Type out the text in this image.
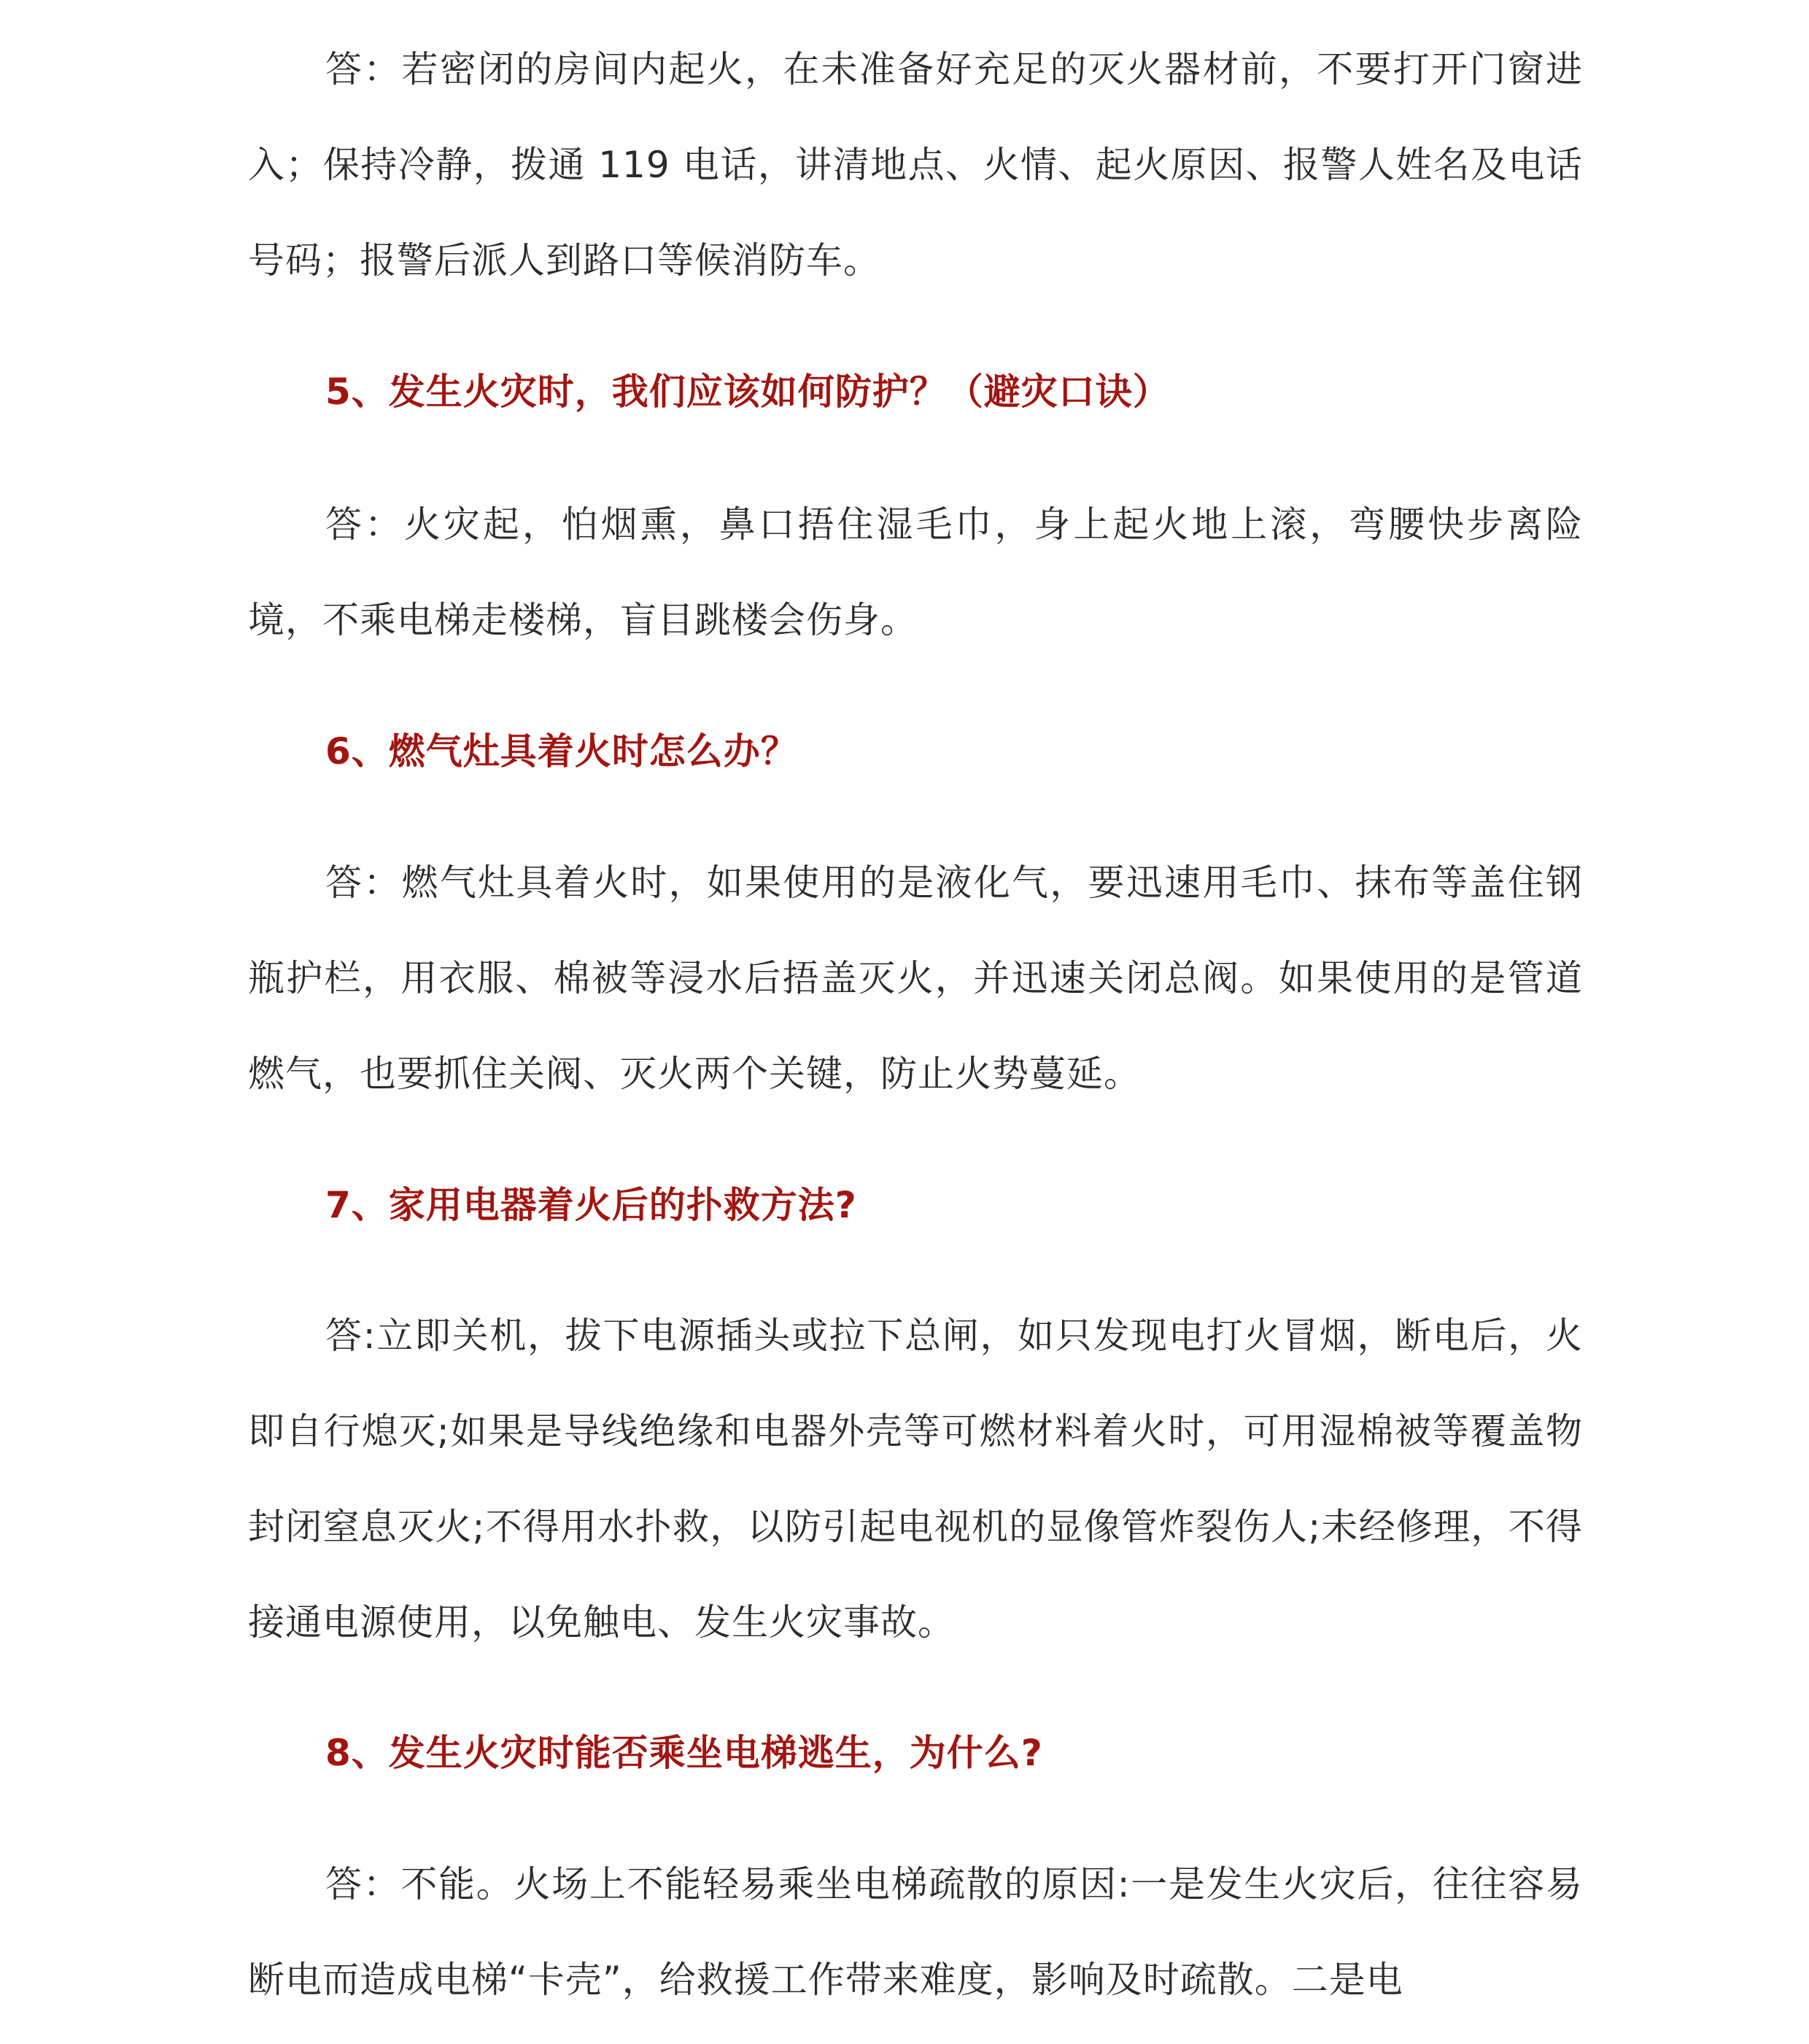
答：若密闭的房间内起火，在未准备好充足的灭火器材前，不要打开门窗进入；保持冷静，拨通 119 电话，讲清地点、火情、起火原因、报警人姓名及电话号码；报警后派人到路口等候消防车。

5、发生火灾时，我们应该如何防护？（避灾口诀）

答：火灾起，怕烟熏，鼻口捂住湿毛巾，身上起火地上滚，弯腰快步离险境，不乘电梯走楼梯，盲目跳楼会伤身。

6、燃气灶具着火时怎么办？

答：燃气灶具着火时，如果使用的是液化气，要迅速用毛巾、抹布等盖住钢瓶护栏，用衣服、棉被等浸水后捂盖灭火，并迅速关闭总阀。如果使用的是管道燃气，也要抓住关阀、灭火两个关键，防止火势蔓延。

7、家用电器着火后的扑救方法?

答:立即关机，拔下电源插头或拉下总闸，如只发现电打火冒烟，断电后，火即自行熄灭;如果是导线绝缘和电器外壳等可燃材料着火时，可用湿棉被等覆盖物封闭窒息灭火;不得用水扑救，以防引起电视机的显像管炸裂伤人;未经修理，不得接通电源使用，以免触电、发生火灾事故。

8、发生火灾时能否乘坐电梯逃生，为什么?

答：不能。火场上不能轻易乘坐电梯疏散的原因:一是发生火灾后，往往容易断电而造成电梯“卡壳”，给救援工作带来难度，影响及时疏散。二是电
